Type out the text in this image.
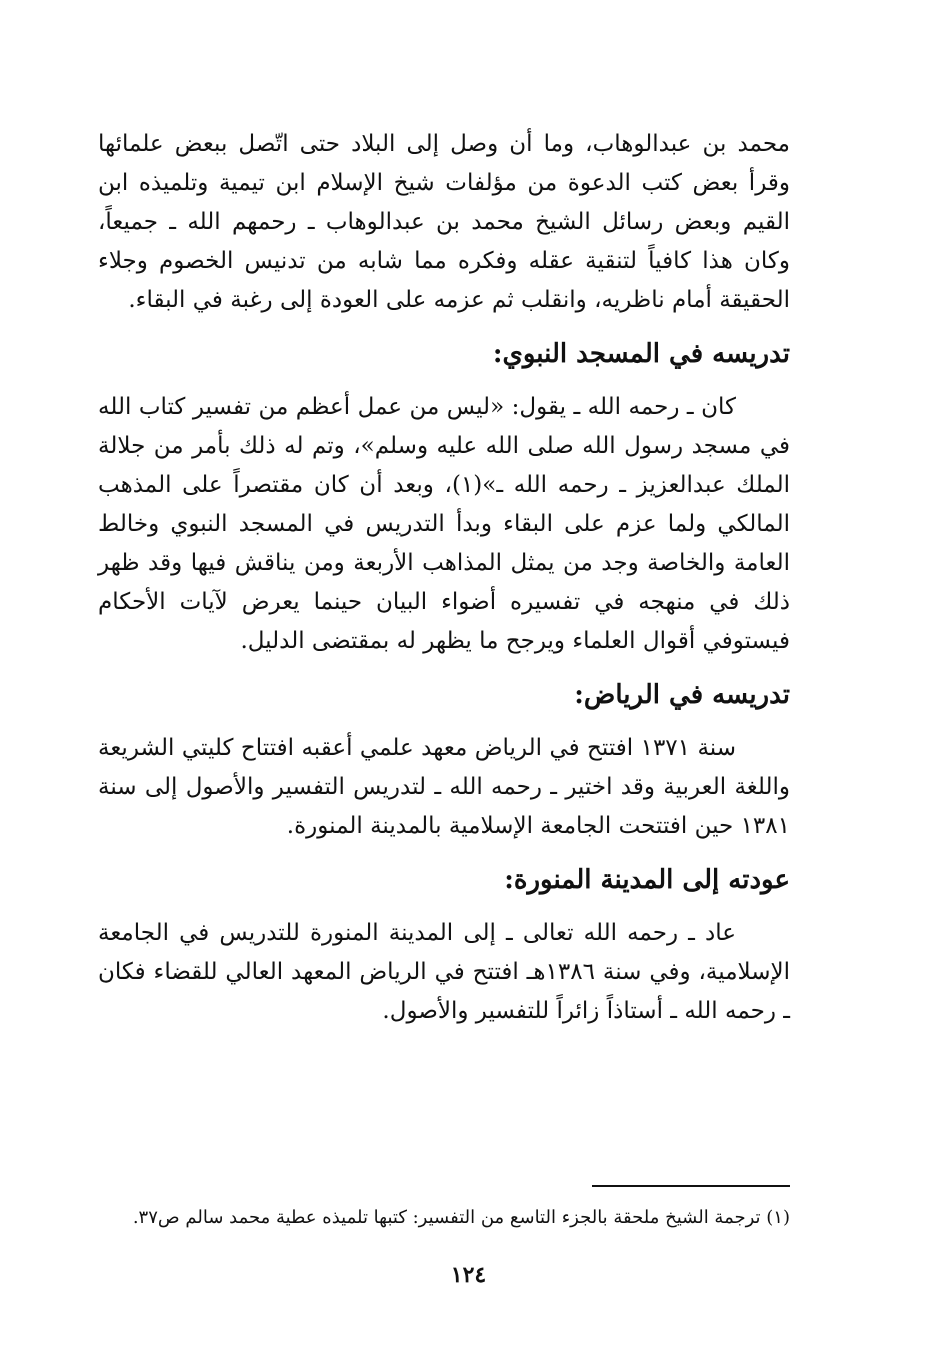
محمد بن عبدالوهاب، وما أن وصل إلى البلاد حتى اتّصل ببعض علمائها وقرأ بعض كتب الدعوة من مؤلفات شيخ الإسلام ابن تيمية وتلميذه ابن القيم وبعض رسائل الشيخ محمد بن عبدالوهاب ـ رحمهم الله ـ جميعاً، وكان هذا كافياً لتنقية عقله وفكره مما شابه من تدنيس الخصوم وجلاء الحقيقة أمام ناظريه، وانقلب ثم عزمه على العودة إلى رغبة في البقاء.

تدريسه في المسجد النبوي:

كان ـ رحمه الله ـ يقول: «ليس من عمل أعظم من تفسير كتاب الله في مسجد رسول الله صلى الله عليه وسلم»، وتم له ذلك بأمر من جلالة الملك عبدالعزيز ـ رحمه الله ـ»(١)، وبعد أن كان مقتصراً على المذهب المالكي ولما عزم على البقاء وبدأ التدريس في المسجد النبوي وخالط العامة والخاصة وجد من يمثل المذاهب الأربعة ومن يناقش فيها وقد ظهر ذلك في منهجه في تفسيره أضواء البيان حينما يعرض لآيات الأحكام فيستوفي أقوال العلماء ويرجح ما يظهر له بمقتضى الدليل.

تدريسه في الرياض:

سنة ١٣٧١ افتتح في الرياض معهد علمي أعقبه افتتاح كليتي الشريعة واللغة العربية وقد اختير ـ رحمه الله ـ لتدريس التفسير والأصول إلى سنة ١٣٨١ حين افتتحت الجامعة الإسلامية بالمدينة المنورة.

عودته إلى المدينة المنورة:

عاد ـ رحمه الله تعالى ـ إلى المدينة المنورة للتدريس في الجامعة الإسلامية، وفي سنة ١٣٨٦هـ افتتح في الرياض المعهد العالي للقضاء فكان ـ رحمه الله ـ أستاذاً زائراً للتفسير والأصول.

(١) ترجمة الشيخ ملحقة بالجزء التاسع من التفسير: كتبها تلميذه عطية محمد سالم ص٣٧.
١٢٤
